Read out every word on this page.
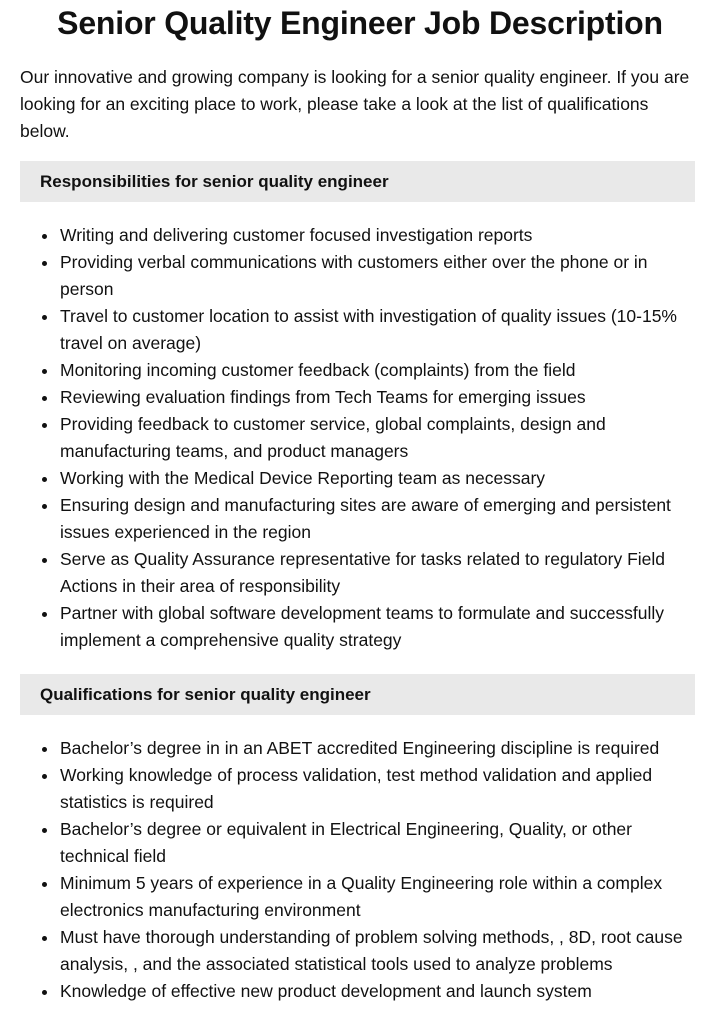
Senior Quality Engineer Job Description

Our innovative and growing company is looking for a senior quality engineer. If you are looking for an exciting place to work, please take a look at the list of qualifications below.

Responsibilities for senior quality engineer
Writing and delivering customer focused investigation reports
Providing verbal communications with customers either over the phone or in person
Travel to customer location to assist with investigation of quality issues (10-15% travel on average)
Monitoring incoming customer feedback (complaints) from the field
Reviewing evaluation findings from Tech Teams for emerging issues
Providing feedback to customer service, global complaints, design and manufacturing teams, and product managers
Working with the Medical Device Reporting team as necessary
Ensuring design and manufacturing sites are aware of emerging and persistent issues experienced in the region
Serve as Quality Assurance representative for tasks related to regulatory Field Actions in their area of responsibility
Partner with global software development teams to formulate and successfully implement a comprehensive quality strategy
Qualifications for senior quality engineer
Bachelor’s degree in in an ABET accredited Engineering discipline is required
Working knowledge of process validation, test method validation and applied statistics is required
Bachelor’s degree or equivalent in Electrical Engineering, Quality, or other technical field
Minimum 5 years of experience in a Quality Engineering role within a complex electronics manufacturing environment
Must have thorough understanding of problem solving methods, , 8D, root cause analysis, , and the associated statistical tools used to analyze problems
Knowledge of effective new product development and launch system
